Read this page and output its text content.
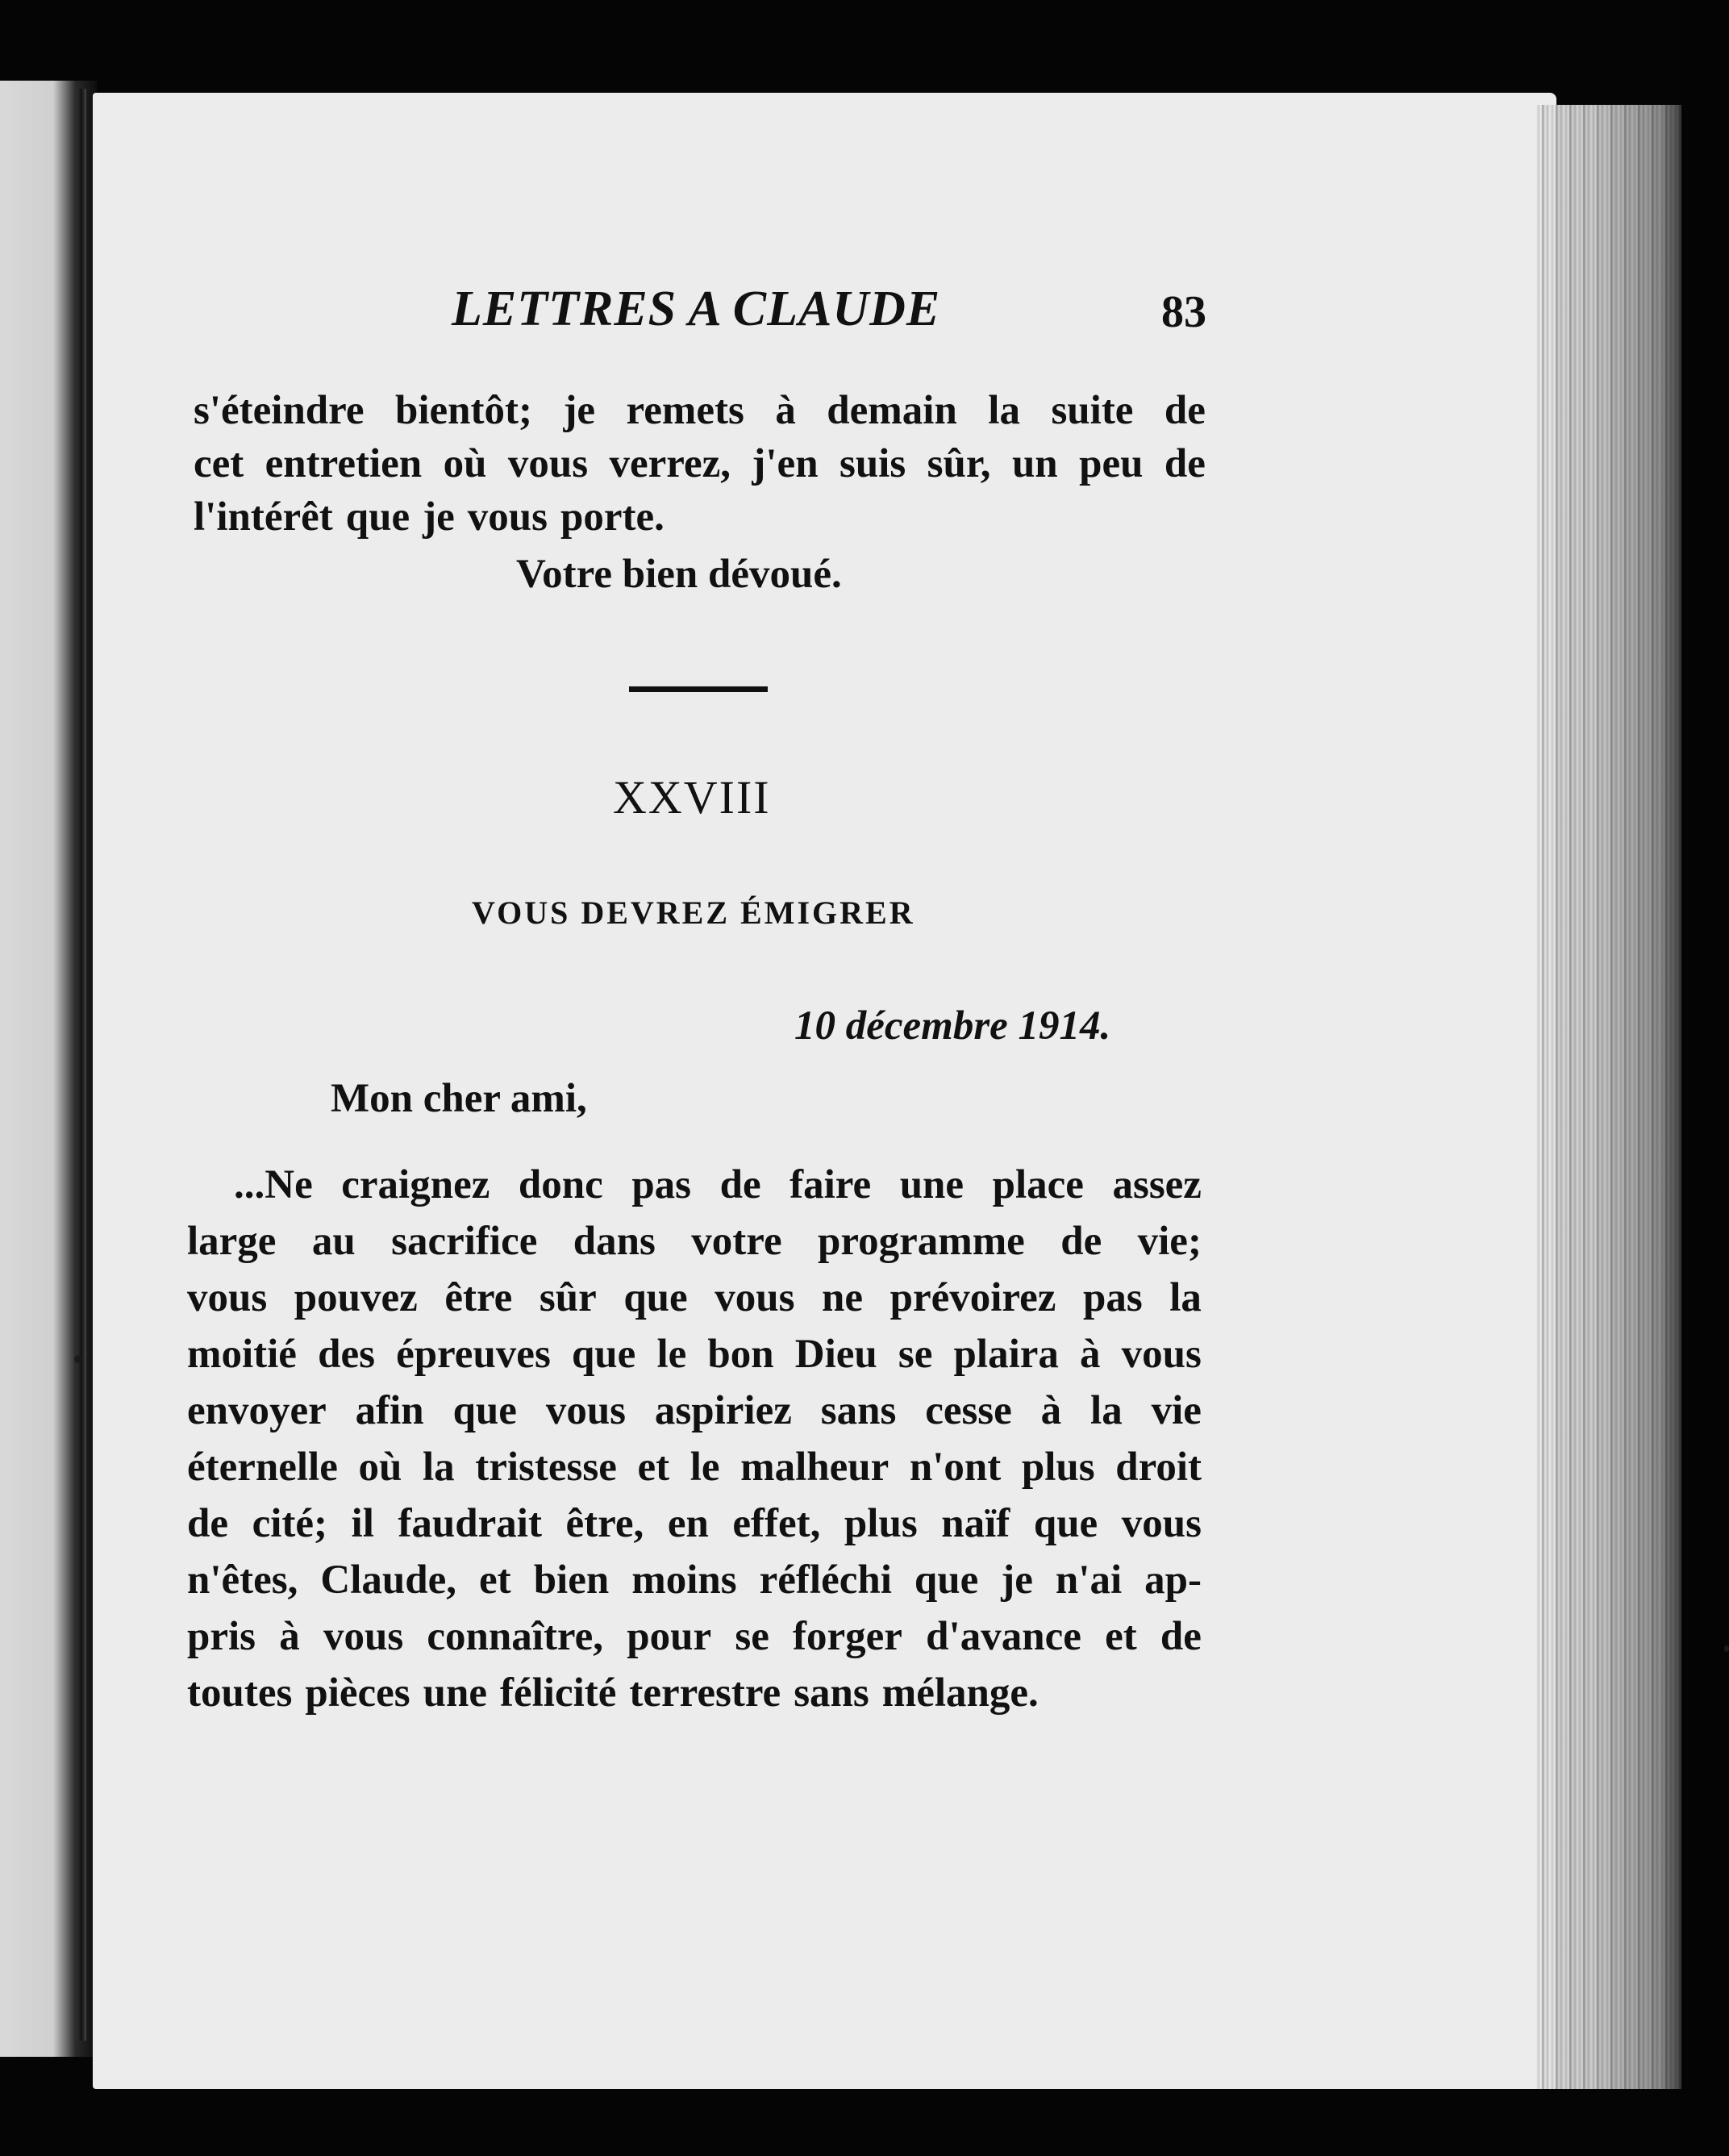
LETTRES A CLAUDE	83
s'éteindre bientôt; je remets à demain la suite de
cet entretien où vous verrez, j'en suis sûr, un peu de
l'intérêt que je vous porte.
Votre bien dévoué.
XXVIII
VOUS DEVREZ ÉMIGRER
10 décembre 1914.
Mon cher ami,
...Ne craignez donc pas de faire une place assez
large au sacrifice dans votre programme de vie;
vous pouvez être sûr que vous ne prévoirez pas la
moitié des épreuves que le bon Dieu se plaira à vous
envoyer afin que vous aspiriez sans cesse à la vie
éternelle où la tristesse et le malheur n'ont plus droit
de cité; il faudrait être, en effet, plus naïf que vous
n'êtes, Claude, et bien moins réfléchi que je n'ai ap-
pris à vous connaître, pour se forger d'avance et de
toutes pièces une félicité terrestre sans mélange.
